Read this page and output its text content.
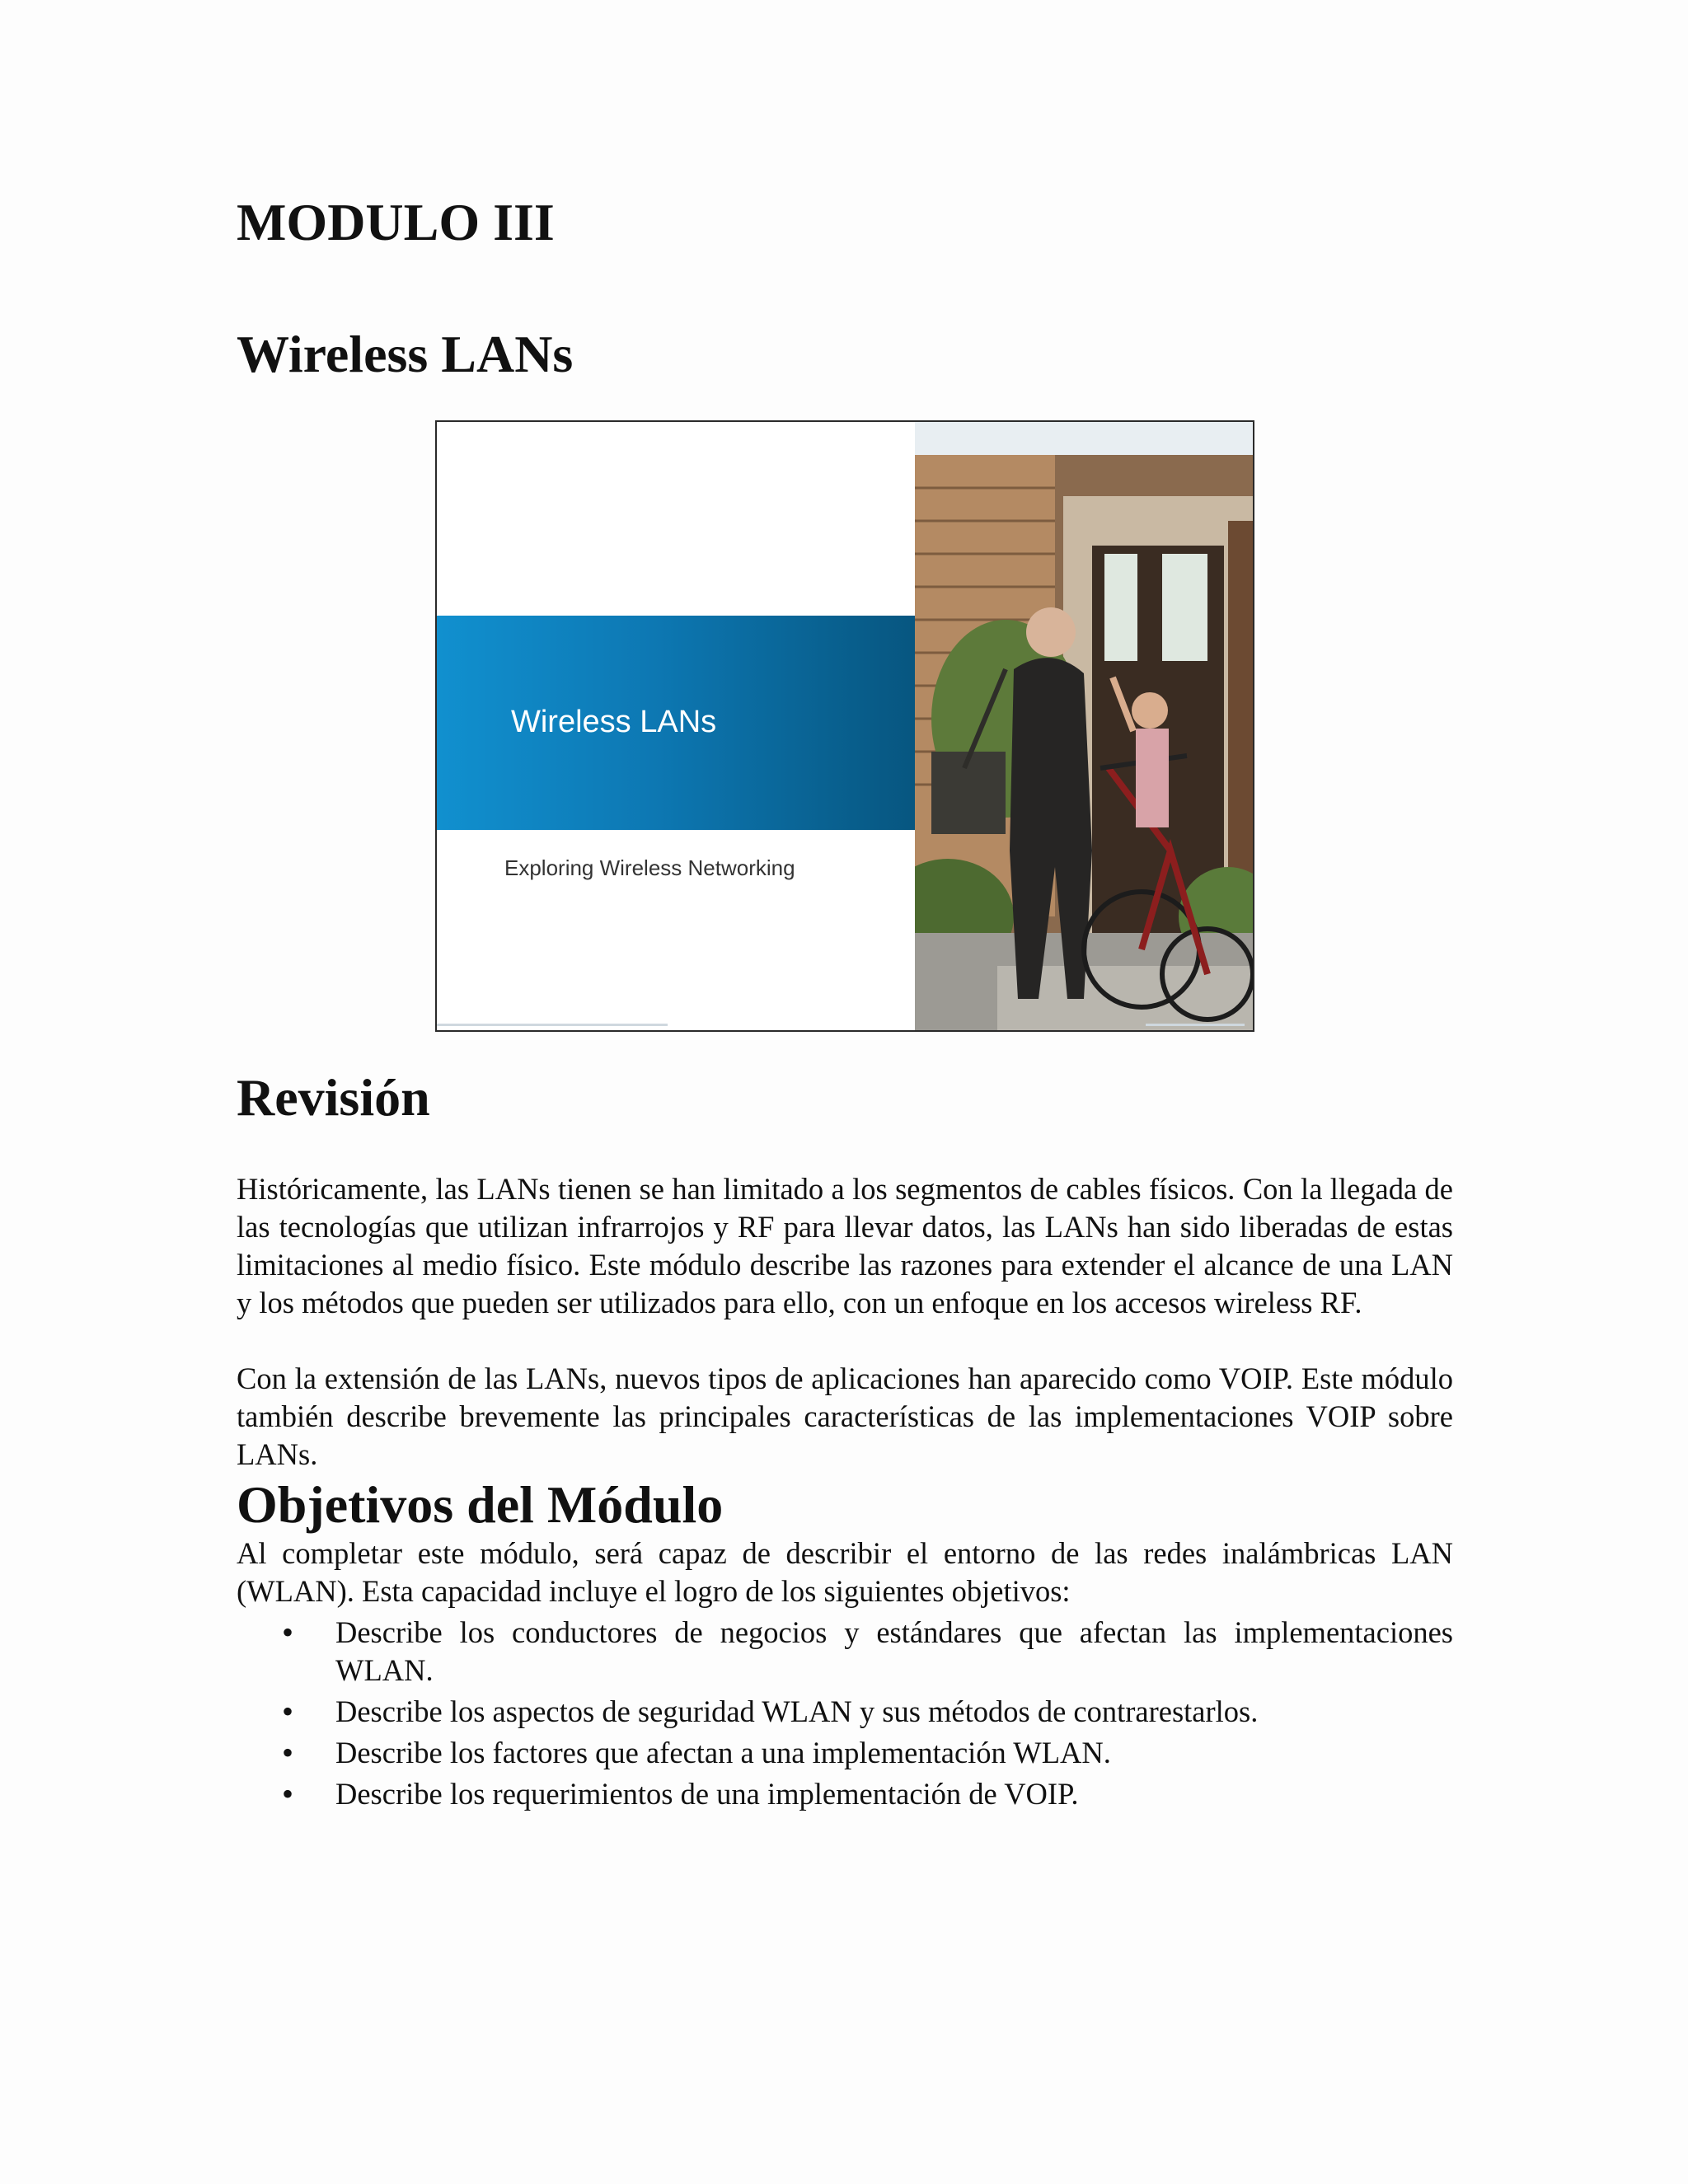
MODULO III
Wireless LANs

Wireless LANs

Exploring Wireless Networking

Revisión

Históricamente, las LANs tienen se han limitado a los segmentos de cables físicos. Con la llegada de las tecnologías que utilizan infrarrojos y RF para llevar datos, las LANs han sido liberadas de estas limitaciones al medio físico. Este módulo describe las razones para extender el alcance de una LAN y los métodos que pueden ser utilizados para ello, con un enfoque en los accesos wireless RF.

Con la extensión de las LANs, nuevos tipos de aplicaciones han aparecido como VOIP. Este módulo también describe brevemente las principales características de las implementaciones VOIP sobre LANs.

Objetivos del Módulo

Al completar este módulo, será capaz de describir el entorno de las redes inalámbricas LAN (WLAN). Esta capacidad incluye el logro de los siguientes objetivos:

• Describe los conductores de negocios y estándares que afectan las implementaciones WLAN.
• Describe los aspectos de seguridad WLAN y sus métodos de contrarestarlos.
• Describe los factores que afectan a una implementación WLAN.
• Describe los requerimientos de una implementación de VOIP.
